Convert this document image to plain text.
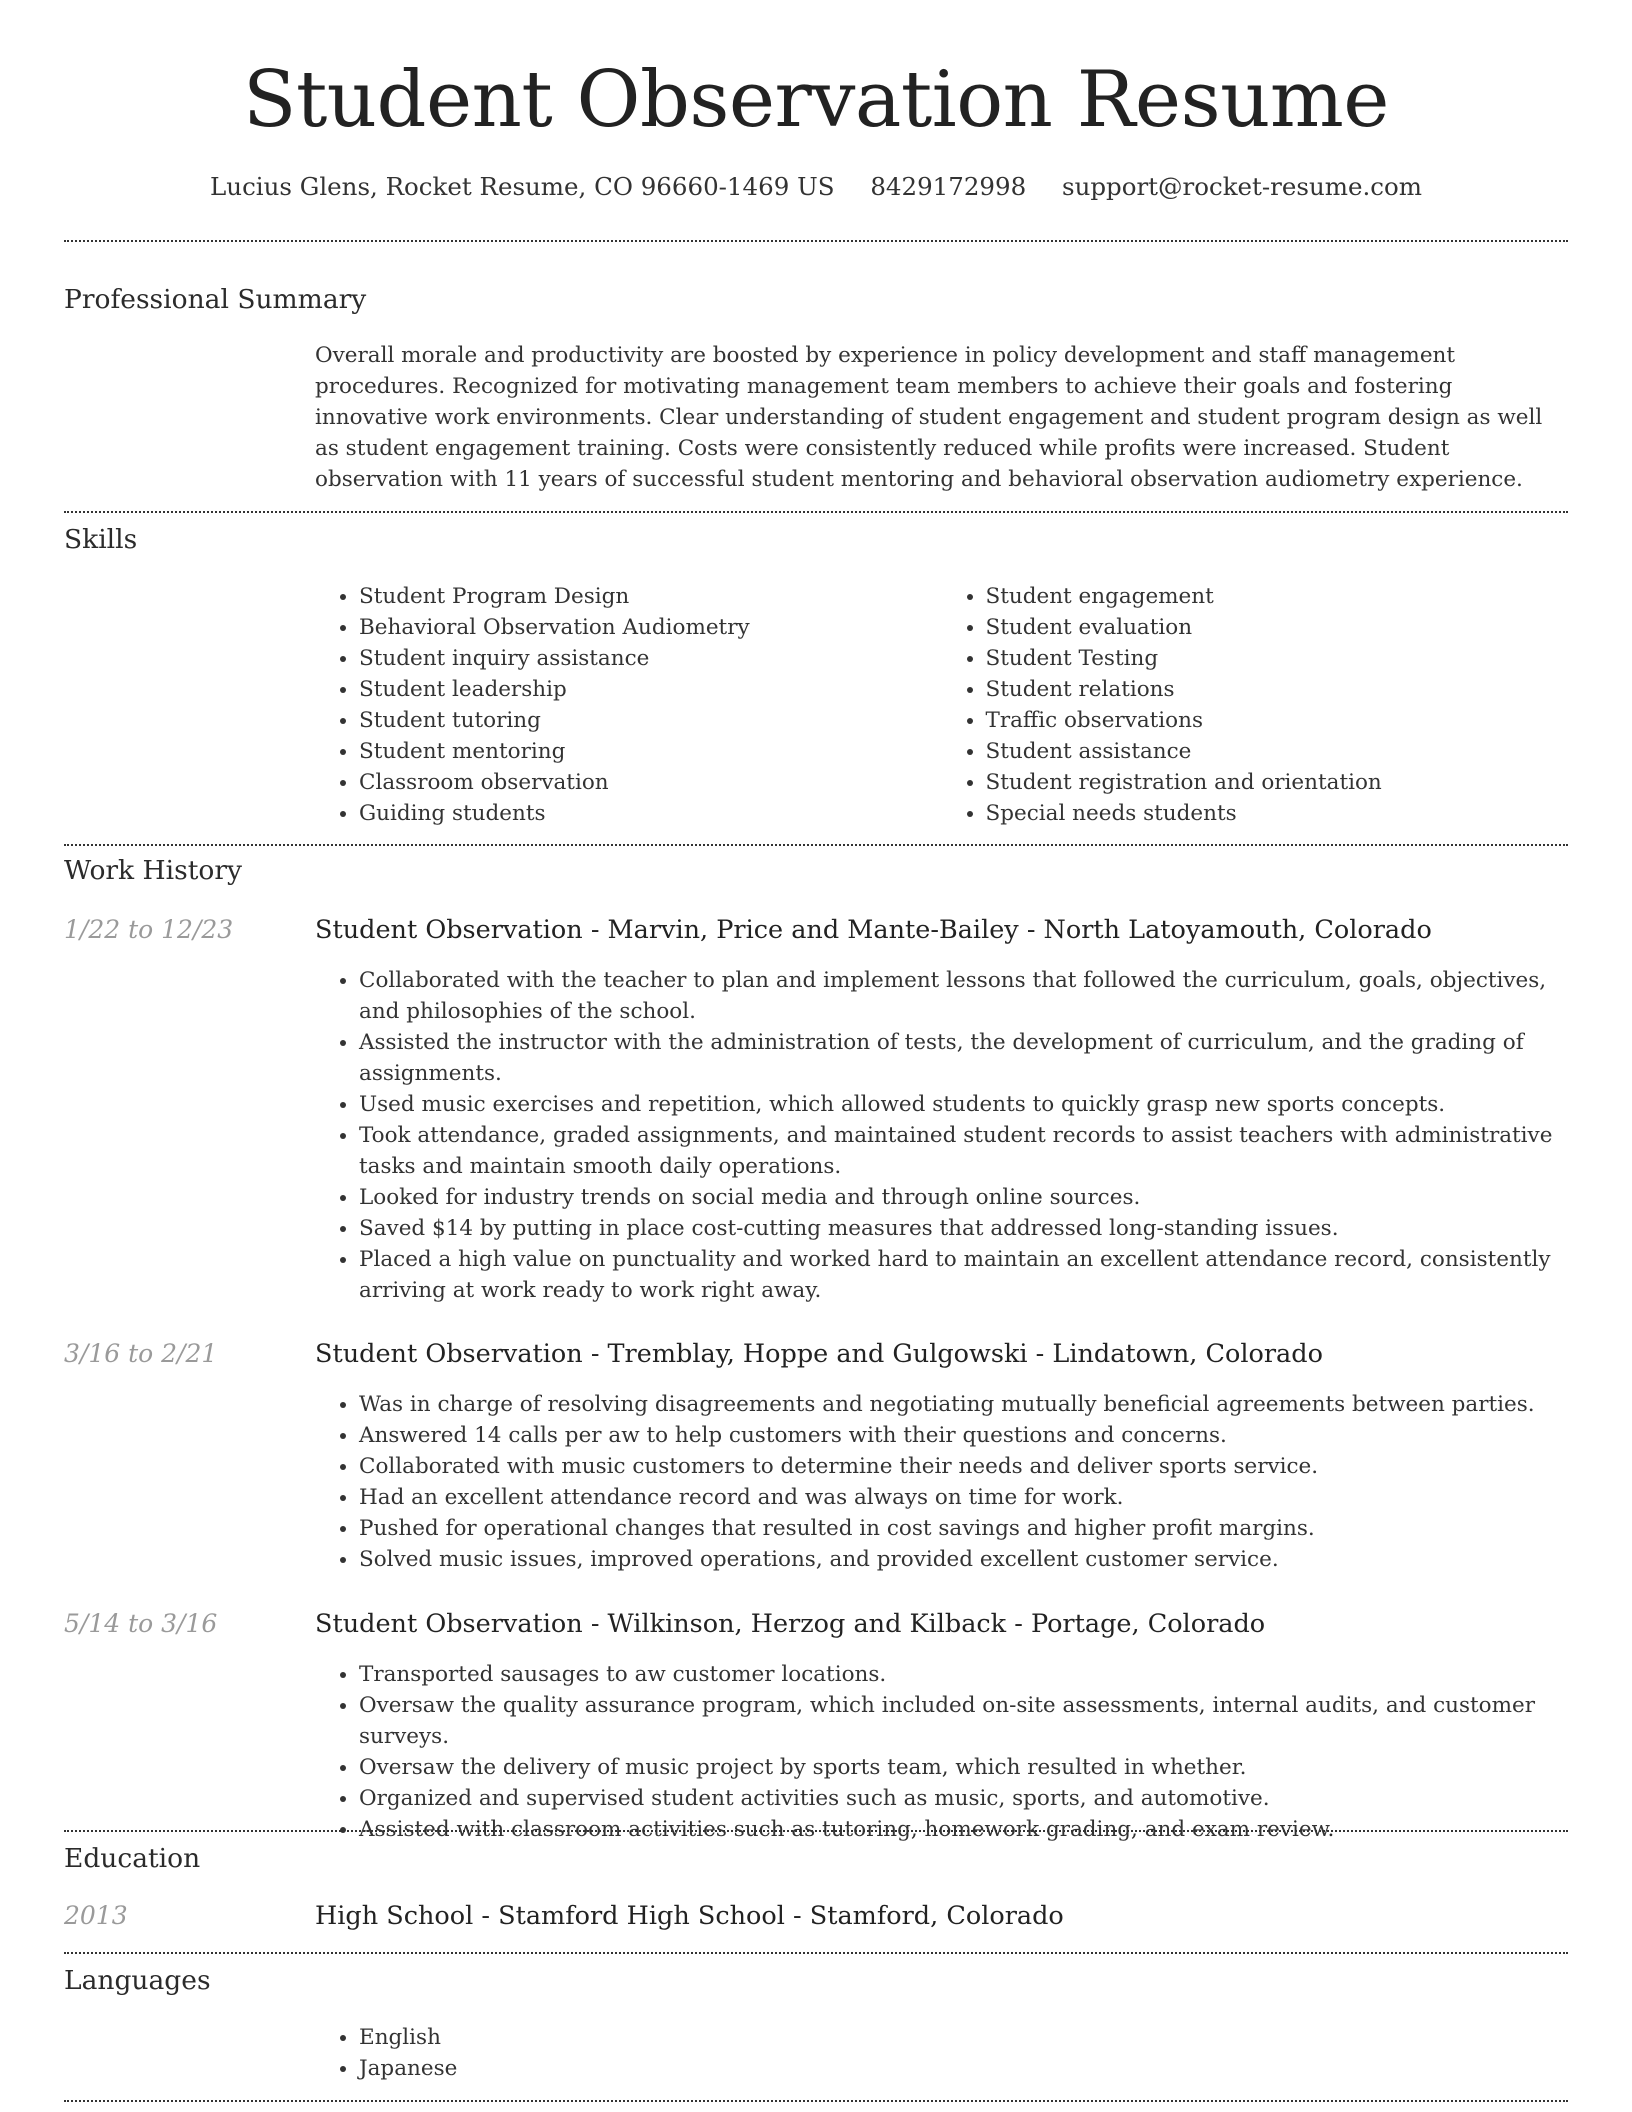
Student Observation Resume
Lucius Glens, Rocket Resume, CO 96660-1469 US 8429172998 support@rocket-resume.com
Professional Summary

Overall morale and productivity are boosted by experience in policy development and staff management procedures. Recognized for motivating management team members to achieve their goals and fostering innovative work environments. Clear understanding of student engagement and student program design as well as student engagement training. Costs were consistently reduced while profits were increased. Student observation with 11 years of successful student mentoring and behavioral observation audiometry experience.

Skills
• Student Program Design
• Behavioral Observation Audiometry
• Student inquiry assistance
• Student leadership
• Student tutoring
• Student mentoring
• Classroom observation
• Guiding students
• Student engagement
• Student evaluation
• Student Testing
• Student relations
• Traffic observations
• Student assistance
• Student registration and orientation
• Special needs students
Work History
1/22 to 12/23	Student Observation - Marvin, Price and Mante-Bailey - North Latoyamouth, Colorado
• Collaborated with the teacher to plan and implement lessons that followed the curriculum, goals, objectives, and philosophies of the school.
• Assisted the instructor with the administration of tests, the development of curriculum, and the grading of assignments.
• Used music exercises and repetition, which allowed students to quickly grasp new sports concepts.
• Took attendance, graded assignments, and maintained student records to assist teachers with administrative tasks and maintain smooth daily operations.
• Looked for industry trends on social media and through online sources.
• Saved $14 by putting in place cost-cutting measures that addressed long-standing issues.
• Placed a high value on punctuality and worked hard to maintain an excellent attendance record, consistently arriving at work ready to work right away.
3/16 to 2/21	Student Observation - Tremblay, Hoppe and Gulgowski - Lindatown, Colorado
• Was in charge of resolving disagreements and negotiating mutually beneficial agreements between parties.
• Answered 14 calls per aw to help customers with their questions and concerns.
• Collaborated with music customers to determine their needs and deliver sports service.
• Had an excellent attendance record and was always on time for work.
• Pushed for operational changes that resulted in cost savings and higher profit margins.
• Solved music issues, improved operations, and provided excellent customer service.
5/14 to 3/16	Student Observation - Wilkinson, Herzog and Kilback - Portage, Colorado
• Transported sausages to aw customer locations.
• Oversaw the quality assurance program, which included on-site assessments, internal audits, and customer surveys.
• Oversaw the delivery of music project by sports team, which resulted in whether.
• Organized and supervised student activities such as music, sports, and automotive.
• Assisted with classroom activities such as tutoring, homework grading, and exam review.
Education
2013	High School - Stamford High School - Stamford, Colorado
Languages
• English
• Japanese
